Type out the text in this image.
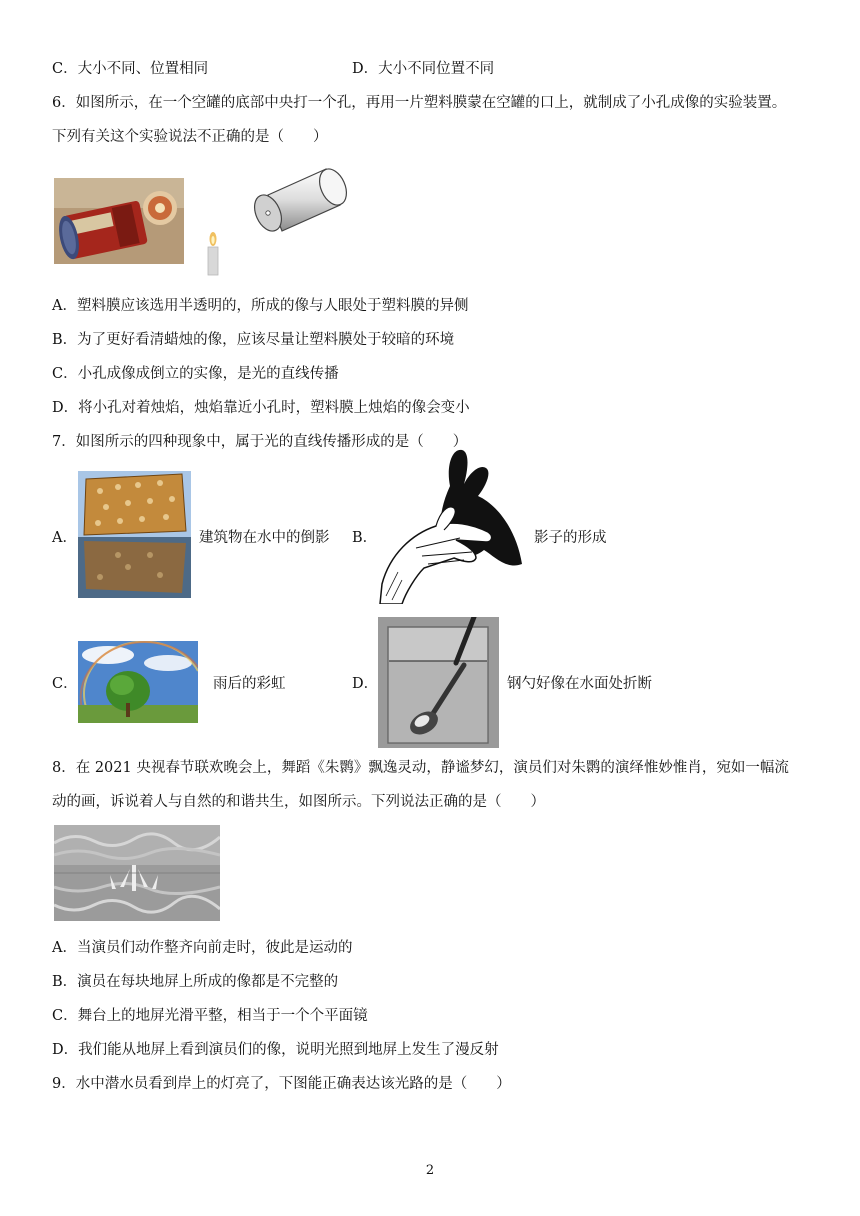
C．大小不同、位置相同	D．大小不同位置不同
6．如图所示，在一个空罐的底部中央打一个孔，再用一片塑料膜蒙在空罐的口上，就制成了小孔成像的实验装置。
下列有关这个实验说法不正确的是（　　）
A．塑料膜应该选用半透明的，所成的像与人眼处于塑料膜的异侧
B．为了更好看清蜡烛的像，应该尽量让塑料膜处于较暗的环境
C．小孔成像成倒立的实像，是光的直线传播
D．将小孔对着烛焰，烛焰靠近小孔时，塑料膜上烛焰的像会变小
7．如图所示的四种现象中，属于光的直线传播形成的是（　　）
A．	建筑物在水中的倒影 B．	影子的形成
C．	雨后的彩虹	D．	钢勺好像在水面处折断
8．在 2021 央视春节联欢晚会上，舞蹈《朱鹮》飘逸灵动，静谧梦幻，演员们对朱鹮的演绎惟妙惟肖，宛如一幅流
动的画，诉说着人与自然的和谐共生，如图所示。下列说法正确的是（　　）
A．当演员们动作整齐向前走时，彼此是运动的
B．演员在每块地屏上所成的像都是不完整的
C．舞台上的地屏光滑平整，相当于一个个平面镜
D．我们能从地屏上看到演员们的像，说明光照到地屏上发生了漫反射
9．水中潜水员看到岸上的灯亮了，下图能正确表达该光路的是（　　）
2
